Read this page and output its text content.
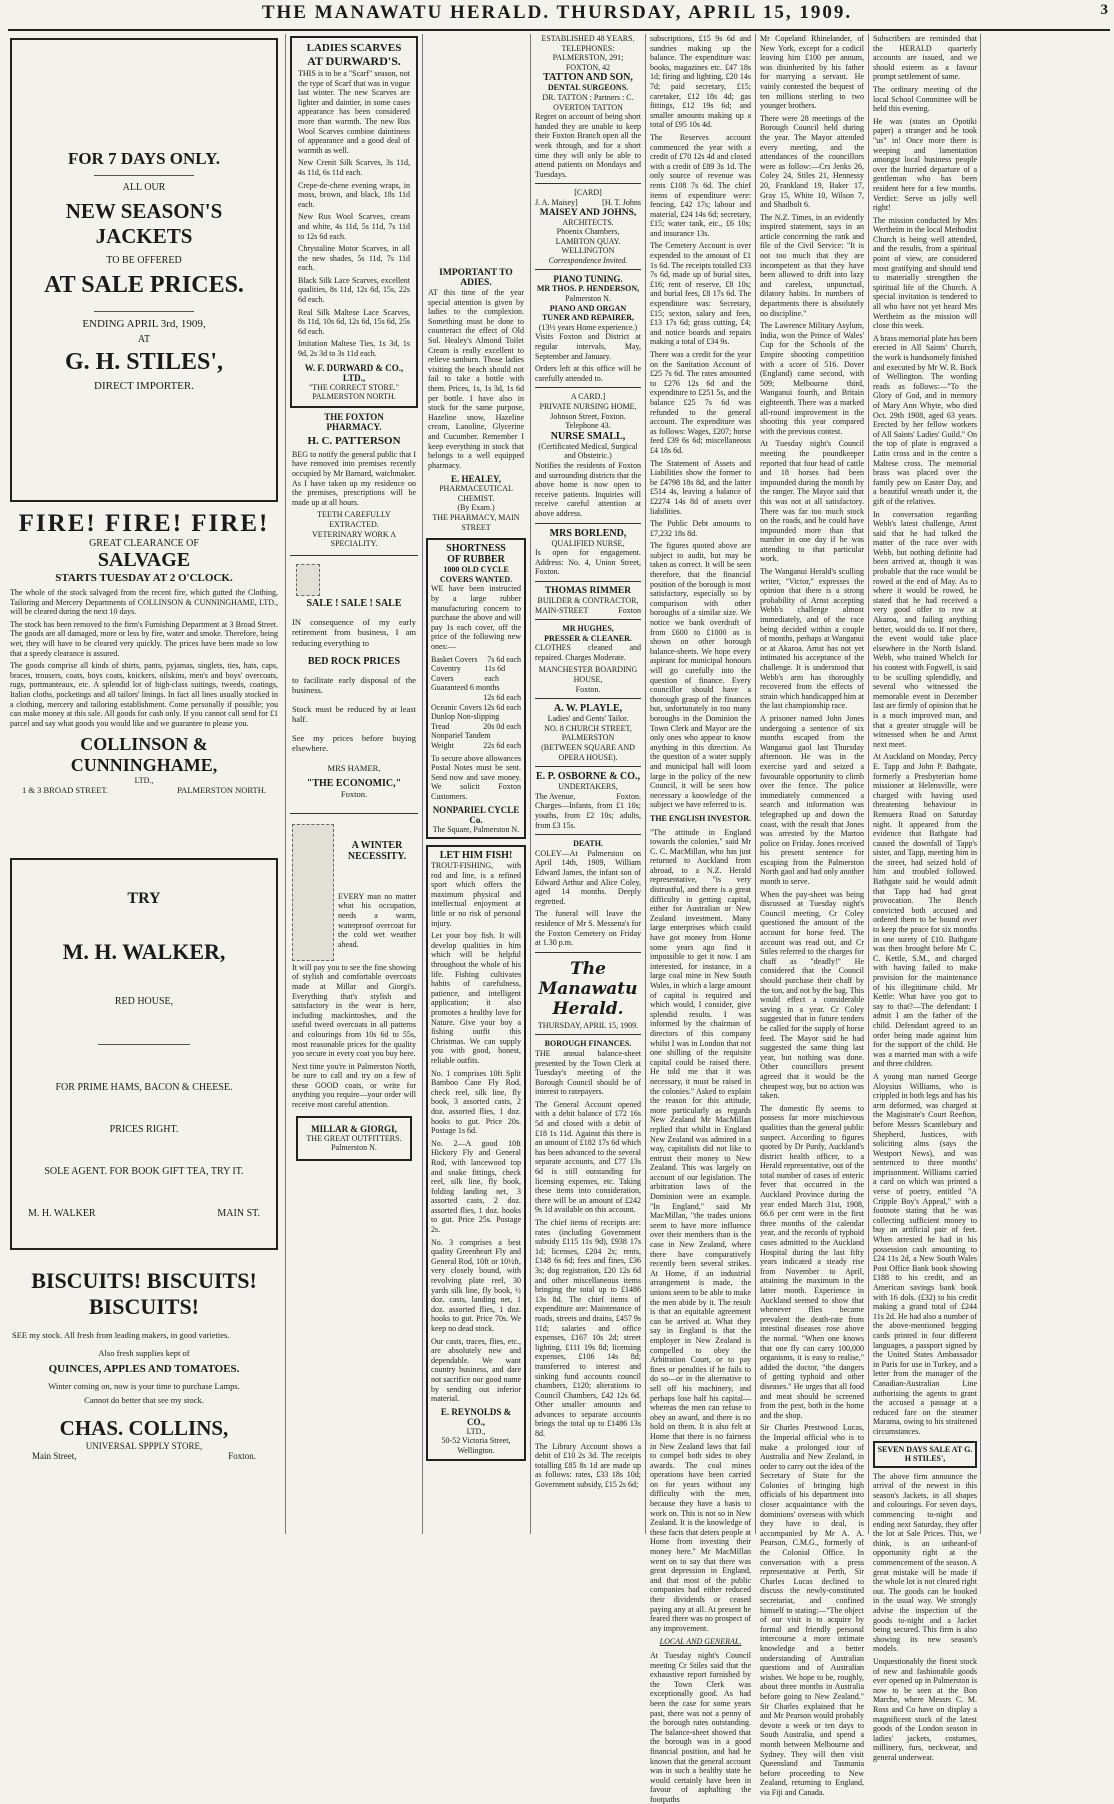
THE MANAWATU HERALD. THURSDAY, APRIL 15, 1909.	3
FOR 7 DAYS ONLY.
ALL OUR
NEW SEASON'S JACKETS
TO BE OFFERED
AT SALE PRICES.
ENDING APRIL 3rd, 1909,
AT
G. H. STILES',
DIRECT IMPORTER.
FIRE! FIRE! FIRE!
GREAT CLEARANCE OF
SALVAGE
STARTS TUESDAY AT 2 O'CLOCK.

The whole of the stock salvaged from the recent fire, which gutted the Clothing, Tailoring and Mercery Departments of COLLINSON & CUNNINGHAME, LTD., will be cleared during the next 10 days.

The stock has been removed to the firm's Furnishing Department at 3 Broad Street. The goods are all damaged, more or less by fire, water and smoke. Therefore, being wet, they will have to be cleared very quickly. The prices have been made so low that a speedy clearance is assured.

The goods comprise all kinds of shirts, pants, pyjamas, singlets, ties, hats, caps, braces, trousers, coats, boys coats, knickers, oilskins, men's and boys' overcoats, rugs, portmanteaux, etc. A splendid lot of high-class suitings, tweeds, coatings, Italian cloths, pocketings and all tailors' linings. In fact all lines usually stocked in a clothing, mercery and tailoring establishment. Come personally if possible; you can make money at this sale. All goods for cash only. If you cannot call send for £1 parcel and say what goods you would like and we guarantee to please you.

COLLINSON & CUNNINGHAME,
LTD.,
1 & 3 BROAD STREET.	PALMERSTON NORTH.
TRY
M. H. WALKER,
RED HOUSE,
FOR PRIME HAMS, BACON & CHEESE.
PRICES RIGHT.
SOLE AGENT. FOR BOOK GIFT TEA, TRY IT.
M. H. WALKER	MAIN ST.
BISCUITS! BISCUITS!
BISCUITS!

SEE my stock. All fresh from leading makers, in good varieties.

Also fresh supplies kept of
QUINCES, APPLES AND TOMATOES.
Winter coming on, now is your time to purchase Lamps.
Cannot do better that see my stock.
CHAS. COLLINS,
UNIVERSAL SPPPLY STORE,
Main Street,	Foxton.
LADIES SCARVES
AT DURWARD'S.

THIS is to be a "Scarf" season, not the type of Scarf that was in vogue last winter. The new Scarves are lighter and daintier, in some cases appearance has been considered more than warmth. The new Rus Wool Scarves combine daintiness of appearance and a good deal of warmth as well.

New Crenit Silk Scarves, 3s 11d, 4s 11d, 6s 11d each.

Crepe-de-chene evening wraps, in moss, brown, and black, 18s 11d each.

New Rus Wool Scarves, cream and white, 4s 11d, 5s 11d, 7s 11d to 12s 6d each.

Chrystaline Motor Scarves, in all the new shades, 5s 11d, 7s 11d each.

Black Silk Lace Scarves, excellent qualities, 8s 11d, 12s 6d, 15s, 22s 6d each.

Real Silk Maltese Lace Scarves, 8s 11d, 10s 6d, 12s 6d, 15s 6d, 25s 6d each.

Imitation Maltese Ties, 1s 3d, 1s 9d, 2s 3d to 3s 11d each.

W. F. DURWARD & CO., LTD.,
"THE CORRECT STORE."
PALMERSTON NORTH.
THE FOXTON
PHARMACY.
H. C. PATTERSON

BEG to notify the general public that I have removed into premises recently occupied by Mr Barnard, watchmaker. As I have taken up my residence on the premises, prescriptions will be made up at all hours.

TEETH CAREFULLY EXTRACTED.
VETERINARY WORK A SPECIALITY.
SALE ! SALE ! SALE

IN consequence of my early retirement from business, I am reducing everything to

BED ROCK PRICES

to facilitate early disposal of the business.

Stock must be reduced by at least half.

See my prices before buying elsewhere.

MRS HAMER,
"THE ECONOMIC,"
Foxton.
A WINTER
NECESSITY.

EVERY man no matter what his occupation, needs a warm, waterproof overcoat for the cold wet weather ahead.

It will pay you to see the fine showing of stylish and comfortable overcoats made at Millar and Giorgi's. Everything that's stylish and satisfactory in the wear is here, including mackintoshes, and the useful tweed overcoats in all patterns and colourings from 10s 6d to 55s, most reasonable prices for the quality you secure in every coat you buy here.

Next time you're in Palmerston North, be sure to call and try on a few of these GOOD coats, or write for anything you require—your order will receive most careful attention.

MILLAR & GIORGI,
THE GREAT OUTFITTERS.
Palmerston N.
IMPORTANT TO
ADIES.

AT this time of the year special attention is given by ladies to the complexion. Something must be done to counteract the effect of Old Sol. Healey's Almond Toilet Cream is really excellent to relieve sunburn. Those ladies visiting the beach should not fail to take a bottle with them. Prices, 1s, 1s 3d, 1s 6d per bottle. I have also in stock for the same purpose, Hazeline snow, Hazeline cream, Lanoline, Glycerine and Cucumber. Remember I keep everything in stock that belongs to a well equipped pharmacy.

E. HEALEY,
PHARMACEUTICAL CHEMIST.
(By Exam.)
THE PHARMACY, MAIN STREET
SHORTNESS
OF RUBBER
1000 OLD CYCLE COVERS WANTED.

WE have been instructed by a large rubber manufacturing concern to purchase the above and will pay 1s each cover, off the price of the following new ones:—

Basket Covers 7s 6d each
Coventry Covers
11s 6d each
Guaranteed 6 months
12s 6d each
Oceanic Covers 12s 6d each
Dunlop Non-slipping
Tread	20s 0d each
Nonpariel Tandem
Weight	22s 6d each

To secure above allowances Postal Notes must be sent. Send now and save money. We solicit Foxton Customers.

NONPARIEL CYCLE Co.
The Square, Palmerston N.
LET HIM FISH!

TROUT-FISHING, with rod and line, is a refined sport which offers the maximum physical and intellectual enjoyment at little or no risk of personal injury.

Let your boy fish. It will develop qualities in him which will be helpful throughout the whole of his life. Fishing cultivates habits of carefulness, patience, and intelligent application; it also promotes a healthy love for Nature. Give your boy a fishing outfit this Christmas. We can supply you with good, honest, reliable outfits.

No. 1 comprises 10ft Split Bamboo Cane Fly Rod, check reel, silk line, fly book, 3 assorted casts, 2 doz. assorted flies, 1 doz. hooks to gut. Price 20s. Postage 1s 6d.

No. 2—A good 10ft Hickory Fly and General Rod, with lancewood top and snake fittings, check reel, silk line, fly book, folding landing net, 3 assorted casts, 2 doz. assorted flies, 1 doz. hooks to gut. Price 25s. Postage 2s.

No. 3 comprises a best quality Greenheart Fly and General Rod, 10ft or 10½ft, very closely bound, with revolving plate reel, 30 yards silk line, fly book, ½ doz. casts, landing net, 1 doz. assorted flies, 1 doz. hooks to gut. Price 70s. We keep no dead stock.

Our casts, traces, flies, etc., are absolutely new and dependable. We want country business, and dare not sacrifice our good name by sending out inferior material.

E. REYNOLDS & CO.,
LTD.,
50-52 Victoria Street,
Wellington.
ESTABLISHED 48 YEARS.
TELEPHONES:
PALMERSTON, 291; FOXTON, 42
TATTON AND SON,
DENTAL SURGEONS.
DR. TATTON : Partners : C. OVERTON TATTON

Regret on account of being short handed they are unable to keep their Foxton Branch open all the week through, and for a short time they will only be able to attend patients on Mondays and Tuesdays.

[CARD]
J. A. Maisey]	[H. T. Johns
MAISEY AND JOHNS,
ARCHITECTS.
Phoenix Chambers,
LAMBTON QUAY. WELLINGTON
Correspondence Invited.
PIANO TUNING.
MR THOS. P. HENDERSON,
Palmerston N.
PIANO AND ORGAN TUNER AND REPAIRER,
(13½ years Home experience.)

Visits Foxton and District at regular intervals, May, September and January.

Orders left at this office will be carefully attended to.

A CARD.]
PRIVATE NURSING HOME,
Johnson Street, Foxton.
Telephone 43.
NURSE SMALL,
(Certificated Medical, Surgical and Obstetric.)

Notifies the residents of Foxton and surrounding districts that the above home is now open to receive patients. Inquiries will receive careful attention at above address.

MRS BORLEND,
QUALIFIED NURSE,

Is open for engagement. Address: No. 4, Union Street, Foxton.

THOMAS RIMMER
BUILDER & CONTRACTOR,
MAIN-STREET	Foxton
MR HUGHES,
PRESSER & CLEANER.

CLOTHES cleaned and repaired. Charges Moderate.

MANCHESTER BOARDING HOUSE,
Foxton.
A. W. PLAYLE,
Ladies' and Gents' Tailor.
NO. 8 CHURCH STREET, PALMERSTON
(BETWEEN SQUARE AND OPERA HOUSE).
E. P. OSBORNE & CO.,
UNDERTAKERS,
The Avenue,	Foxton.

Charges—Infants, from £1 10s; youths, from £2 10s; adults, from £3 15s.

DEATH.

COLEY—At Palmerston on April 14th, 1909, William Edward James, the infant son of Edward Arthur and Alice Coley, aged 14 months. Deeply regretted.

The funeral will leave the residence of Mr S. Messena's for the Foxton Cemetery on Friday at 1.30 p.m.

The Manawatu Herald.
THURSDAY, APRIL 15, 1909.
BOROUGH FINANCES.

THE annual balance-sheet presented by the Town Clerk at Tuesday's meeting of the Borough Council should be of interest to ratepayers.

The General Account opened with a debit balance of £72 16s 5d and closed with a debit of £18 1s 11d. Against this there is an amount of £182 17s 6d which has been advanced to the several separate accounts, and £77 13s 6d is still outstanding for licensing expenses, etc. Taking these items into consideration, there will be an amount of £242 9s 1d available on this account.

The chief items of receipts are: rates (including Government subsidy £115 11s 9d), £938 17s 1d; licenses, £204 2s; rents, £148 6s 6d; fees and fines, £36 3s; dog registration, £20 12s 6d and other miscellaneous items bringing the total up to £1486 13s 8d. The chief items of expenditure are: Maintenance of roads, streets and drains, £457 9s 11d; salaries and office expenses, £167 10s 2d; street lighting, £111 19s 8d; licensing expenses, £106 14s 8d; transferred to interest and sinking fund accounts council chambers, £120; alterations to Council Chambers, £42 12s 6d. Other smaller amounts and advances to separate accounts brings the total up to £1486 13s 8d.

The Library Account shows a debit of £10 2s 3d. The receipts totalling £85 8s 1d are made up as follows: rates, £33 18s 10d; Government subsidy, £15 2s 6d;

subscriptions, £15 9s 6d and sundries making up the balance. The expenditure was: books, magazines etc. £47 18s 1d; firing and lighting, £20 14s 7d; paid secretary, £15; caretaker, £12 18s 4d; gas fittings, £12 19s 6d; and smaller amounts making up a total of £95 10s 4d.

The Reserves account commenced the year with a credit of £70 12s 4d and closed with a credit of £89 3s 1d. The only source of revenue was rents £108 7s 6d. The chief items of expenditure were: fencing, £42 17s; labour and material, £24 14s 6d; secretary, £15; water tank, etc., £6 10s; and insurance 13s.

The Cemetery Account is over expended to the amount of £1 1s 6d. The receipts totalled £33 7s 6d, made up of burial sites, £16; rent of reserve, £8 10s; and burial fees, £8 17s 6d. The expenditure was: Secretary, £15; sexton, salary and fees, £13 17s 6d; grass cutting, £4; and notice boards and repairs making a total of £34 9s.

There was a credit for the year on the Sanitation Account of £25 7s 6d. The rates amounted to £276 12s 6d and the expenditure to £251 5s, and the balance £25 7s 6d was refunded to the general account. The expenditure was as follows: Wages, £207; horse feed £39 6s 6d; miscellaneous £4 18s 6d.

The Statement of Assets and Liabilities show the former to be £4798 18s 8d, and the latter £514 4s, leaving a balance of £2274 14s 8d of assets over liabilities.

The Public Debt amounts to £7,232 18s 8d.

The figures quoted above are subject to audit, but may be taken as correct. It will be seen therefore, that the financial position of the borough is most satisfactory, especially so by comparison with other boroughs of a similar size. We notice we bank overdraft of from £600 to £1000 as is shown on other borough balance-sheets. We hope every aspirant for municipal honours will go carefully into the question of finance. Every councillor should have a thorough grasp of the finances but, unfortunately in too many boroughs in the Dominion the Town Clerk and Mayor are the only ones who appear to know anything in this direction. As the question of a water supply and municipal hall will loom large in the policy of the new Council, it will be seen how necessary a knowledge of the subject we have referred to is.

THE ENGLISH INVESTOR.

"The attitude in England towards the colonies," said Mr C. C. MacMillan, who has just returned to Auckland from abroad, to a N.Z. Herald representative, "is very distrustful, and there is a great difficulty in getting capital, either for Australian or New Zealand investment. Many large enterprises which could have got money from Home some years ago find it impossible to get it now. I am interested, for instance, in a large coal mine in New South Wales, in which a large amount of capital is required and which would, I consider, give splendid results. I was informed by the chairman of directors of this company whilst I was in London that not one shilling of the requisite capital could be raised there. He told me that it was necessary, it must be raised in the colonies." Asked to explain the reason for this attitude, more particularly as regards New Zealand Mr MacMillan replied that whilst in England New Zealand was admired in a way, capitalists did not like to entrust their money to New Zealand. This was largely on account of our legislation. The arbitration laws of the Dominion were an example. "In England," said Mr MacMillan, "the trades unions seem to have more influence over their members than is the case in New Zealand, where there have comparatively recently been several strikes. At Home, if an industrial arrangement is made, the unions seem to be able to make the men abide by it. The result is that an equitable agreement can be arrived at. What they say in England is that the employer in New Zealand is compelled to obey the Arbitration Court, or to pay fines or penalties if he fails to do so—or in the alternative to sell off his machinery, and perhaps lose half his capital—whereas the men can refuse to obey an award, and there is no hold on them. It is also felt at Home that there is no fairness in New Zealand laws that fail to compel both sides to obey awards. The coal mines operations have been carried on for years without any difficulty with the men, because they have a basis to work on. This is not so in New Zealand. It is the knowledge of these facts that deters people at Home from investing their money here." Mr MacMillan went on to say that there was great depression in England, and that most of the public companies had either reduced their dividends or ceased paying any at all. At present he feared there was no prospect of any improvement.

LOCAL AND GENERAL.

At Tuesday night's Council meeting Cr Stiles said that the exhaustive report furnished by the Town Clerk was exceptionally good. As had been the case for some years past, there was not a penny of the borough rates outstanding. The balance-sheet showed that the borough was in a good financial position, and had he known that the general account was in such a healthy state he would certainly have been in favour of asphalting the footpaths

Mr Copeland Rhinelander, of New York, except for a codicil leaving him £100 per annum, was disinherited by his father for marrying a servant. He vainly contested the bequest of ten millions sterling to two younger brothers.

There were 28 meetings of the Borough Council held during the year. The Mayor attended every meeting, and the attendances of the councillors were as follow:—Crs Jenks 26, Coley 24, Stiles 21, Hennessy 20, Frankland 19, Baker 17, Gray 15, White 10, Wilson 7, and Shadbolt 6.

The N.Z. Times, in an evidently inspired statement, says in an article concerning the rank and file of the Civil Service: "It is not too much that they are incompetent as that they have been allowed to drift into lazy and careless, unpunctual, dilatory habits. In numbers of departments there is absolutely no discipline."

The Lawrence Military Asylum, India, won the Prince of Wales' Cup for the Schools of the Empire shooting competition with a score of 516. Dover (England) came second, with 509; Melbourne third, Wanganui fourth, and Britain eighteenth. There was a marked all-round improvement in the shooting this year compared with the previous contest.

At Tuesday night's Council meeting the poundkeeper reported that four head of cattle and 18 horses had been impounded during the month by the ranger. The Mayor said that this was not at all satisfactory. There was far too much stock on the roads, and he could have impounded more than that number in one day if he was attending to that particular work.

The Wanganui Herald's sculling writer, "Victor," expresses the opinion that there is a strong probability of Arnst accepting Webb's challenge almost immediately, and of the race being decided within a couple of months, perhaps at Wanganui or at Akaroa. Arnst has not yet intimated his acceptance of the challenge. It is understood that Webb's arm has thoroughly recovered from the effects of strain which handicapped him at the last championship race.

A prisoner named John Jones undergoing a sentence of six months escaped from the Wanganui gaol last Thursday afternoon. He was in the exercise yard and seized a favourable opportunity to climb over the fence. The police immediately commenced a search and information was telegraphed up and down the coast, with the result that Jones was arrested by the Marton police on Friday. Jones received his present sentence for escaping from the Palmerston North gaol and had only another month to serve.

When the pay-sheet was being discussed at Tuesday night's Council meeting, Cr Coley questioned the amount of the account for horse feed. The account was read out, and Cr Stiles referred to the charges for chaff as "deadly!" He considered that the Council should purchase their chaff by the ton, and not by the bag. This would effect a considerable saving in a year. Cr Coley suggested that in future tenders be called for the supply of horse feed. The Mayor said he had suggested the same thing last year, but nothing was done. Other councillors present agreed that it would be the cheapest way, but no action was taken.

The domestic fly seems to possess far more mischievous qualities than the general public suspect. According to figures quoted by Dr Purdy, Auckland's district health officer, to a Herald representative, out of the total number of cases of enteric fever that occurred in the Auckland Province during the year ended March 31st, 1908, 66.6 per cent were in the first three months of the calendar year, and the records of typhoid cases admitted to the Auckland Hospital during the last fifty years indicated a steady rise from November to April, attaining the maximum in the latter month. Experience in Auckland seemed to show that whenever flies became prevalent the death-rate from intestinal diseases rose above the normal. "When one knows that one fly can carry 100,000 organisms, it is easy to realise," added the doctor, "the dangers of getting typhoid and other diseases." He urges that all food and meat should be screened from the pest, both in the home and the shop.

Sir Charles Prestwood Lucas, the Imperial official who is to make a prolonged tour of Australia and New Zealand, in order to carry out the idea of the Secretary of State for the Colonies of bringing high officials of his department into closer acquaintance with the dominions' overseas with which they have to deal, is accompanied by Mr A. A. Pearson, C.M.G., formerly of the Colonial Office. In conversation with a press representative at Perth, Sir Charles Lucas declined to discuss the newly-constituted secretariat, and confined himself to stating:—"The object of our visit is to acquire by formal and friendly personal intercourse a more intimate knowledge and a better understanding of Australian questions and of Australian wishes. We hope to be, roughly, about three months in Australia before going to New Zealand." Sir Charles explained that he and Mr Pearson would probably devote a week or ten days to South Australia, and spend a month between Melbourne and Sydney. They will then visit Queensland and Tasmania before proceeding to New Zealand, returning to England, via Fiji and Canada.

Subscribers are reminded that the HERALD quarterly accounts are issued, and we should esteem as a favour prompt settlement of same.

The ordinary meeting of the local School Committee will be held this evening.

He was (states an Opotiki paper) a stranger and he took "us" in! Once more there is weeping and lamentation amongst local business people over the hurried departure of a gentleman who has been resident here for a few months. Verdict: Serve us jolly well right!

The mission conducted by Mrs Wertheim in the local Methodist Church is being well attended, and the results, from a spiritual point of view, are considered most gratifying and should tend to materially strengthen the spiritual life of the Church. A special invitation is tendered to all who have not yet heard Mrs Wertheim as the mission will close this week.

A brass memorial plate has been erected in All Saints' Church, the work is handsomely finished and executed by Mr W. R. Bock of Wellington. The wording reads as follows:—"To the Glory of God, and in memory of Mary Ann Whyte, who died Oct. 29th 1908, aged 63 years. Erected by her fellow workers of All Saints' Ladies' Guild." On the top of plate is engraved a Latin cross and in the centre a Maltese cross. The memorial brass was placed over the family pew on Easter Day, and a beautiful wreath under it, the gift of the relatives.

In conversation regarding Webb's latest challenge, Arnst said that he had talked the matter of the race over with Webb, but nothing definite had been arrived at, though it was probable that the race would be rowed at the end of May. As to where it would be rowed, he stated that he had received a very good offer to row at Akaroa, and failing anything better, would do so. If not there, the event would take place elsewhere in the North Island. Webb, who trained Whelch for his contest with Fogwell, is said to be sculling splendidly, and several who witnessed the memorable event in December last are firmly of opinion that he is a much improved man, and that a greater struggle will be witnessed when he and Arnst next meet.

At Auckland on Monday, Percy E. Tapp and John P. Bathgate, formerly a Presbyterian home missioner at Helensville, were charged with having used threatening behaviour in Remuera Road on Saturday night. It appeared from the evidence that Bathgate had caused the downfall of Tapp's sister, and Tapp, meeting him in the street, had seized hold of him and troubled followed. Bathgate said he would admit that Tapp had had great provocation. The Bench convicted both accused and ordered them to be bound over to keep the peace for six months in one surety of £10. Bathgate was then brought before Mr C. C. Kettle, S.M., and charged with having failed to make provision for the maintenance of his illegitimate child. Mr Kettle: What have you got to say to that?—The defendant: I admit I am the father of the child. Defendant agreed to an order being made against him for the support of the child. He was a married man with a wife and three children.

A young man named George Aloysius Williams, who is crippled in both legs and has his arm deformed, was charged at the Magistrate's Court Reefton, before Messrs Scantlebury and Shepherd, Justices, with soliciting alms (says the Westport News), and was sentenced to three months' imprisonment. Williams carried a card on which was printed a verse of poetry, entitled "A Cripple Boy's Appeal," with a footnote stating that he was collecting sufficient money to buy an artificial pair of feet. When arrested he had in his possession cash amounting to £24 11s 2d, a New South Wales Post Office Bank book showing £188 to his credit, and an American savings bank book with 16 dols. (£32) to his credit making a grand total of £244 11s 2d. He had also a number of the above-mentioned begging cards printed in four different languages, a passport signed by the United States Ambassador in Paris for use in Turkey, and a letter from the manager of the Canadian-Australian Line authorising the agents to grant the accused a passage at a reduced fare on the steamer Marama, owing to his straitened circumstances.

SEVEN DAYS SALE AT G. H STILES',

The above firm announce the arrival of the newest in this season's Jackets, in all shapes and colourings. For seven days, commencing to-night and ending next Saturday, they offer the lot at Sale Prices. This, we think, is an unheard-of opportunity right at the commencement of the season. A great mistake will be made if the whole lot is not cleared right out. The goods can be booked in the usual way. We strongly advise the inspection of the goods to-night and a Jacket being secured. This firm is also showing its new season's models.

Unquestionably the finest stock of new and fashionable goods ever opened up in Palmerston is now to be seen at the Bon Marche, where Messrs C. M. Ross and Co have on display a magnificent stock of the latest goods of the London season in ladies' jackets, costumes, millinery, furs, neckwear, and general underwear.
